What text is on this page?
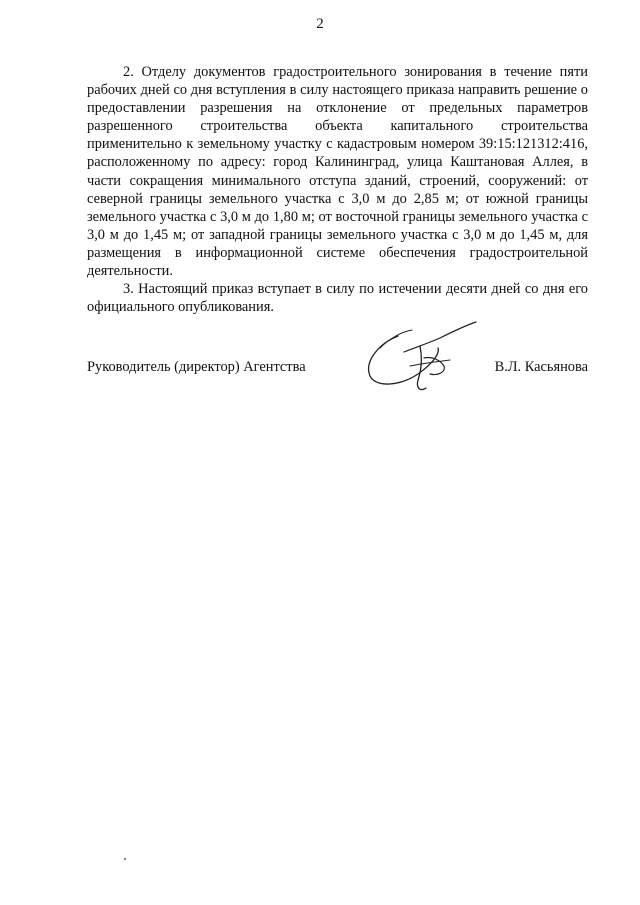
2

2. Отделу документов градостроительного зонирования в течение пяти рабочих дней со дня вступления в силу настоящего приказа направить решение о предоставлении разрешения на отклонение от предельных параметров разрешенного строительства объекта капитального строительства применительно к земельному участку с кадастровым номером 39:15:121312:416, расположенному по адресу: город Калининград, улица Каштановая Аллея, в части сокращения минимального отступа зданий, строений, сооружений: от северной границы земельного участка с 3,0 м до 2,85 м; от южной границы земельного участка с 3,0 м до 1,80 м; от восточной границы земельного участка с 3,0 м до 1,45 м; от западной границы земельного участка с 3,0 м до 1,45 м, для размещения в информационной системе обеспечения градостроительной деятельности.

3. Настоящий приказ вступает в силу по истечении десяти дней со дня его официального опубликования.

Руководитель (директор) Агентства	В.Л. Касьянова
